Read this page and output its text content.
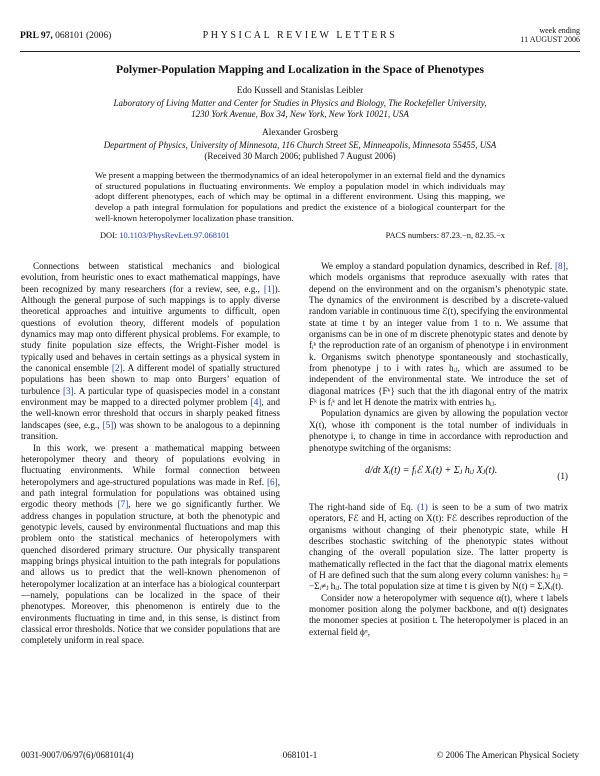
PRL 97, 068101 (2006)	PHYSICAL REVIEW LETTERS	week ending
11 AUGUST 2006
Polymer-Population Mapping and Localization in the Space of Phenotypes
Edo Kussell and Stanislas Leibler
Laboratory of Living Matter and Center for Studies in Physics and Biology, The Rockefeller University,
1230 York Avenue, Box 34, New York, New York 10021, USA
Alexander Grosberg
Department of Physics, University of Minnesota, 116 Church Street SE, Minneapolis, Minnesota 55455, USA
(Received 30 March 2006; published 7 August 2006)
We present a mapping between the thermodynamics of an ideal heteropolymer in an external field and the dynamics of structured populations in fluctuating environments. We employ a population model in which individuals may adopt different phenotypes, each of which may be optimal in a different environment. Using this mapping, we develop a path integral formulation for populations and predict the existence of a biological counterpart for the well-known heteropolymer localization phase transition.
DOI: 10.1103/PhysRevLett.97.068101	PACS numbers: 87.23.−n, 82.35.−x

Connections between statistical mechanics and biological evolution, from heuristic ones to exact mathematical mappings, have been recognized by many researchers (for a review, see, e.g., [1]). Although the general purpose of such mappings is to apply diverse theoretical approaches and intuitive arguments to difficult, open questions of evolution theory, different models of population dynamics may map onto different physical problems. For example, to study finite population size effects, the Wright-Fisher model is typically used and behaves in certain settings as a physical system in the canonical ensemble [2]. A different model of spatially structured populations has been shown to map onto Burgers’ equation of turbulence [3]. A particular type of quasispecies model in a constant environment may be mapped to a directed polymer problem [4], and the well-known error threshold that occurs in sharply peaked fitness landscapes (see, e.g., [5]) was shown to be analogous to a depinning transition.

In this work, we present a mathematical mapping between heteropolymer theory and theory of populations evolving in fluctuating environments. While formal connection between heteropolymers and age-structured populations was made in Ref. [6], and path integral formulation for populations was obtained using ergodic theory methods [7], here we go significantly further. We address changes in population structure, at both the phenotypic and genotypic levels, caused by environmental fluctuations and map this problem onto the statistical mechanics of heteropolymers with quenched disordered primary structure. Our physically transparent mapping brings physical intuition to the path integrals for populations and allows us to predict that the well-known phenomenon of heteropolymer localization at an interface has a biological counterpart—namely, populations can be localized in the space of their phenotypes. Moreover, this phenomenon is entirely due to the environments fluctuating in time and, in this sense, is distinct from classical error thresholds. Notice that we consider populations that are completely uniform in real space.

We employ a standard population dynamics, described in Ref. [8], which models organisms that reproduce asexually with rates that depend on the environment and on the organism’s phenotypic state. The dynamics of the environment is described by a discrete-valued random variable in continuous time ℰ(t), specifying the environmental state at time t by an integer value from 1 to n. We assume that organisms can be in one of m discrete phenotypic states and denote by fᵢᵏ the reproduction rate of an organism of phenotype i in environment k. Organisms switch phenotype spontaneously and stochastically, from phenotype j to i with rates hᵢⱼ, which are assumed to be independent of the environmental state. We introduce the set of diagonal matrices {Fᵏ} such that the ith diagonal entry of the matrix Fᵏ is fᵢᵏ and let H denote the matrix with entries hᵢⱼ.

Population dynamics are given by allowing the population vector X(t), whose ith component is the total number of individuals in phenotype i, to change in time in accordance with reproduction and phenotype switching of the organisms:

d/dt Xᵢ(t) = fᵢℰ Xᵢ(t) + Σⱼ hᵢⱼ Xⱼ(t).	(1)

The right-hand side of Eq. (1) is seen to be a sum of two matrix operators, Fℰ and H, acting on X(t): Fℰ describes reproduction of the organisms without changing of their phenotypic state, while H describes stochastic switching of the phenotypic states without changing of the overall population size. The latter property is mathematically reflected in the fact that the diagonal matrix elements of H are defined such that the sum along every column vanishes: hⱼⱼ = −Σᵢ≠ⱼ hᵢⱼ. The total population size at time t is given by N(t) = ΣᵢXᵢ(t).

Consider now a heteropolymer with sequence α(t), where t labels monomer position along the polymer backbone, and α(t) designates the monomer species at position t. The heteropolymer is placed in an external field ϕᵅ,

0031-9007/06/97(6)/068101(4)	068101-1	© 2006 The American Physical Society
